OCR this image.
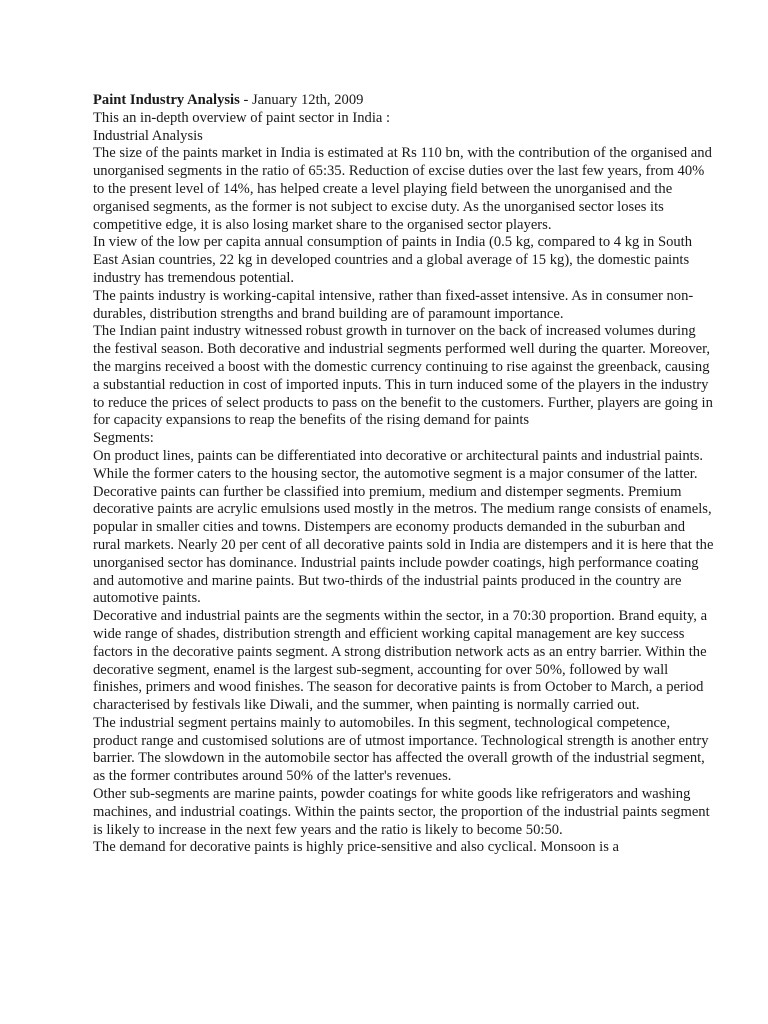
Paint Industry Analysis - January 12th, 2009

This an in-depth overview of paint sector in India :

Industrial Analysis

The size of the paints market in India is estimated at Rs 110 bn, with the contribution of the organised and unorganised segments in the ratio of 65:35. Reduction of excise duties over the last few years, from 40% to the present level of 14%, has helped create a level playing field between the unorganised and the organised segments, as the former is not subject to excise duty. As the unorganised sector loses its competitive edge, it is also losing market share to the organised sector players.

In view of the low per capita annual consumption of paints in India (0.5 kg, compared to 4 kg in South East Asian countries, 22 kg in developed countries and a global average of 15 kg), the domestic paints industry has tremendous potential.

The paints industry is working-capital intensive, rather than fixed-asset intensive. As in consumer non-durables, distribution strengths and brand building are of paramount importance.

The Indian paint industry witnessed robust growth in turnover on the back of increased volumes during the festival season. Both decorative and industrial segments performed well during the quarter. Moreover, the margins received a boost with the domestic currency continuing to rise against the greenback, causing a substantial reduction in cost of imported inputs. This in turn induced some of the players in the industry to reduce the prices of select products to pass on the benefit to the customers. Further, players are going in for capacity expansions to reap the benefits of the rising demand for paints

Segments:

On product lines, paints can be differentiated into decorative or architectural paints and industrial paints. While the former caters to the housing sector, the automotive segment is a major consumer of the latter. Decorative paints can further be classified into premium, medium and distemper segments. Premium decorative paints are acrylic emulsions used mostly in the metros. The medium range consists of enamels, popular in smaller cities and towns. Distempers are economy products demanded in the suburban and rural markets. Nearly 20 per cent of all decorative paints sold in India are distempers and it is here that the unorganised sector has dominance. Industrial paints include powder coatings, high performance coating and automotive and marine paints. But two-thirds of the industrial paints produced in the country are automotive paints.

Decorative and industrial paints are the segments within the sector, in a 70:30 proportion. Brand equity, a wide range of shades, distribution strength and efficient working capital management are key success factors in the decorative paints segment. A strong distribution network acts as an entry barrier. Within the decorative segment, enamel is the largest sub-segment, accounting for over 50%, followed by wall finishes, primers and wood finishes. The season for decorative paints is from October to March, a period characterised by festivals like Diwali, and the summer, when painting is normally carried out.

The industrial segment pertains mainly to automobiles. In this segment, technological competence, product range and customised solutions are of utmost importance. Technological strength is another entry barrier. The slowdown in the automobile sector has affected the overall growth of the industrial segment, as the former contributes around 50% of the latter's revenues.

Other sub-segments are marine paints, powder coatings for white goods like refrigerators and washing machines, and industrial coatings. Within the paints sector, the proportion of the industrial paints segment is likely to increase in the next few years and the ratio is likely to become 50:50.

The demand for decorative paints is highly price-sensitive and also cyclical. Monsoon is a
